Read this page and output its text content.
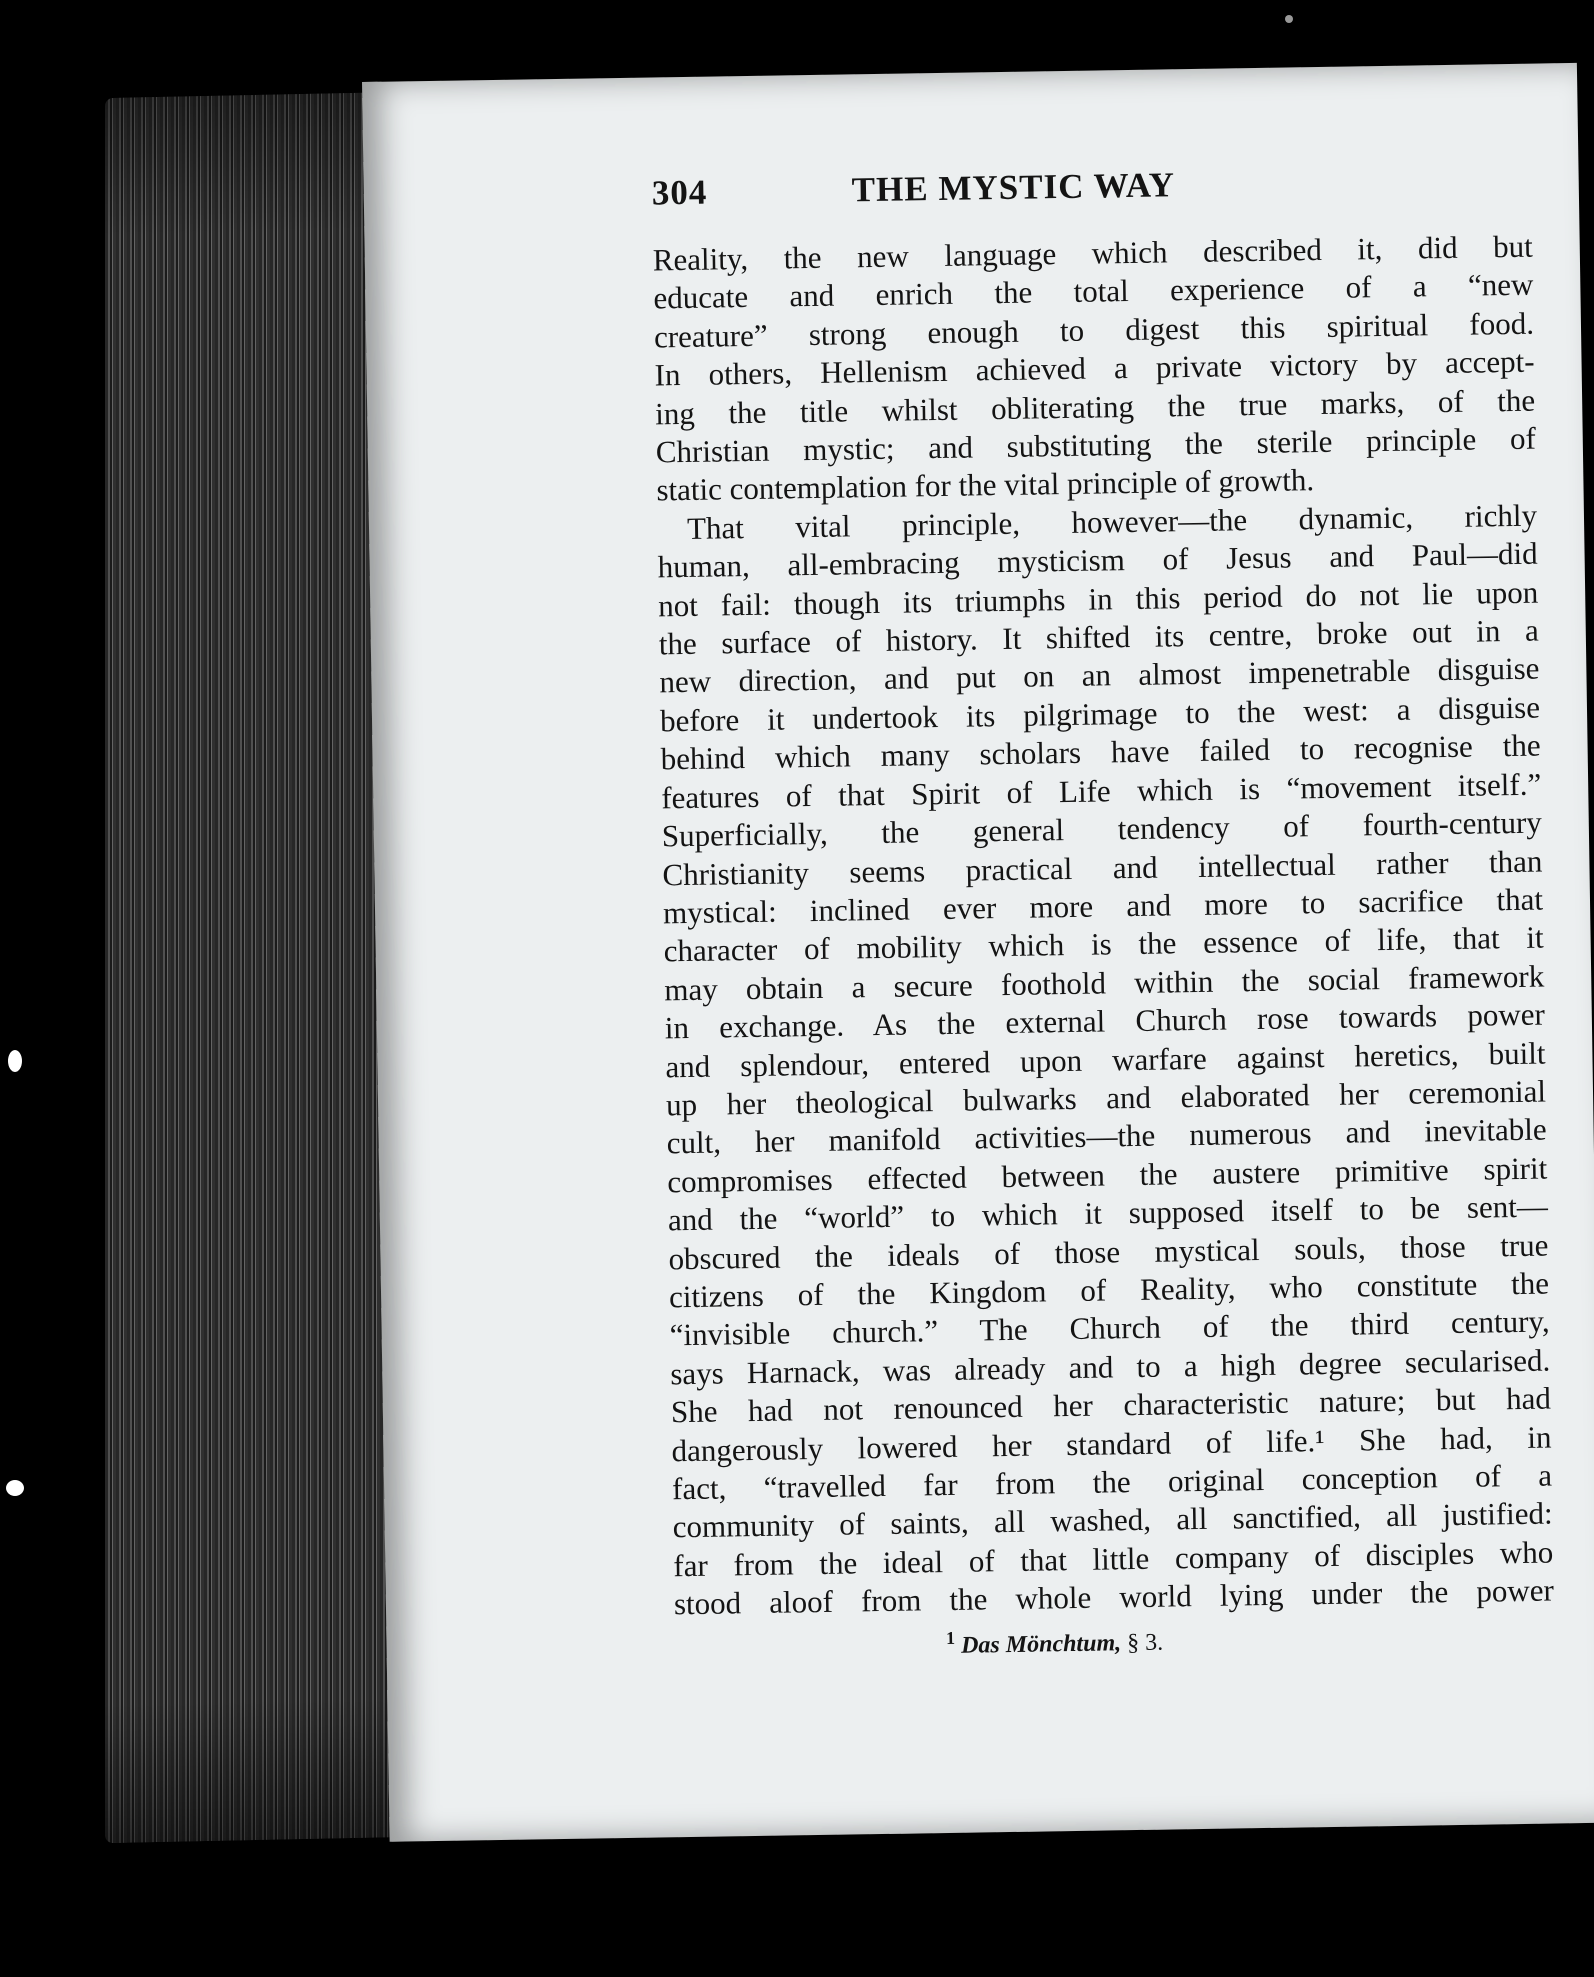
304	THE MYSTIC WAY
Reality, the new language which described it, did but
educate and enrich the total experience of a “new
creature” strong enough to digest this spiritual food.
In others, Hellenism achieved a private victory by accept-
ing the title whilst obliterating the true marks, of the
Christian mystic; and substituting the sterile principle of
static contemplation for the vital principle of growth.
That vital principle, however—the dynamic, richly
human, all-embracing mysticism of Jesus and Paul—did
not fail: though its triumphs in this period do not lie upon
the surface of history. It shifted its centre, broke out in a
new direction, and put on an almost impenetrable disguise
before it undertook its pilgrimage to the west: a disguise
behind which many scholars have failed to recognise the
features of that Spirit of Life which is “movement itself.”
Superficially, the general tendency of fourth-century
Christianity seems practical and intellectual rather than
mystical: inclined ever more and more to sacrifice that
character of mobility which is the essence of life, that it
may obtain a secure foothold within the social framework
in exchange. As the external Church rose towards power
and splendour, entered upon warfare against heretics, built
up her theological bulwarks and elaborated her ceremonial
cult, her manifold activities—the numerous and inevitable
compromises effected between the austere primitive spirit
and the “world” to which it supposed itself to be sent—
obscured the ideals of those mystical souls, those true
citizens of the Kingdom of Reality, who constitute the
“invisible church.” The Church of the third century,
says Harnack, was already and to a high degree secularised.
She had not renounced her characteristic nature; but had
dangerously lowered her standard of life.¹ She had, in
fact, “travelled far from the original conception of a
community of saints, all washed, all sanctified, all justified:
far from the ideal of that little company of disciples who
stood aloof from the whole world lying under the power
$^1$ Das Mönchtum, § 3.
